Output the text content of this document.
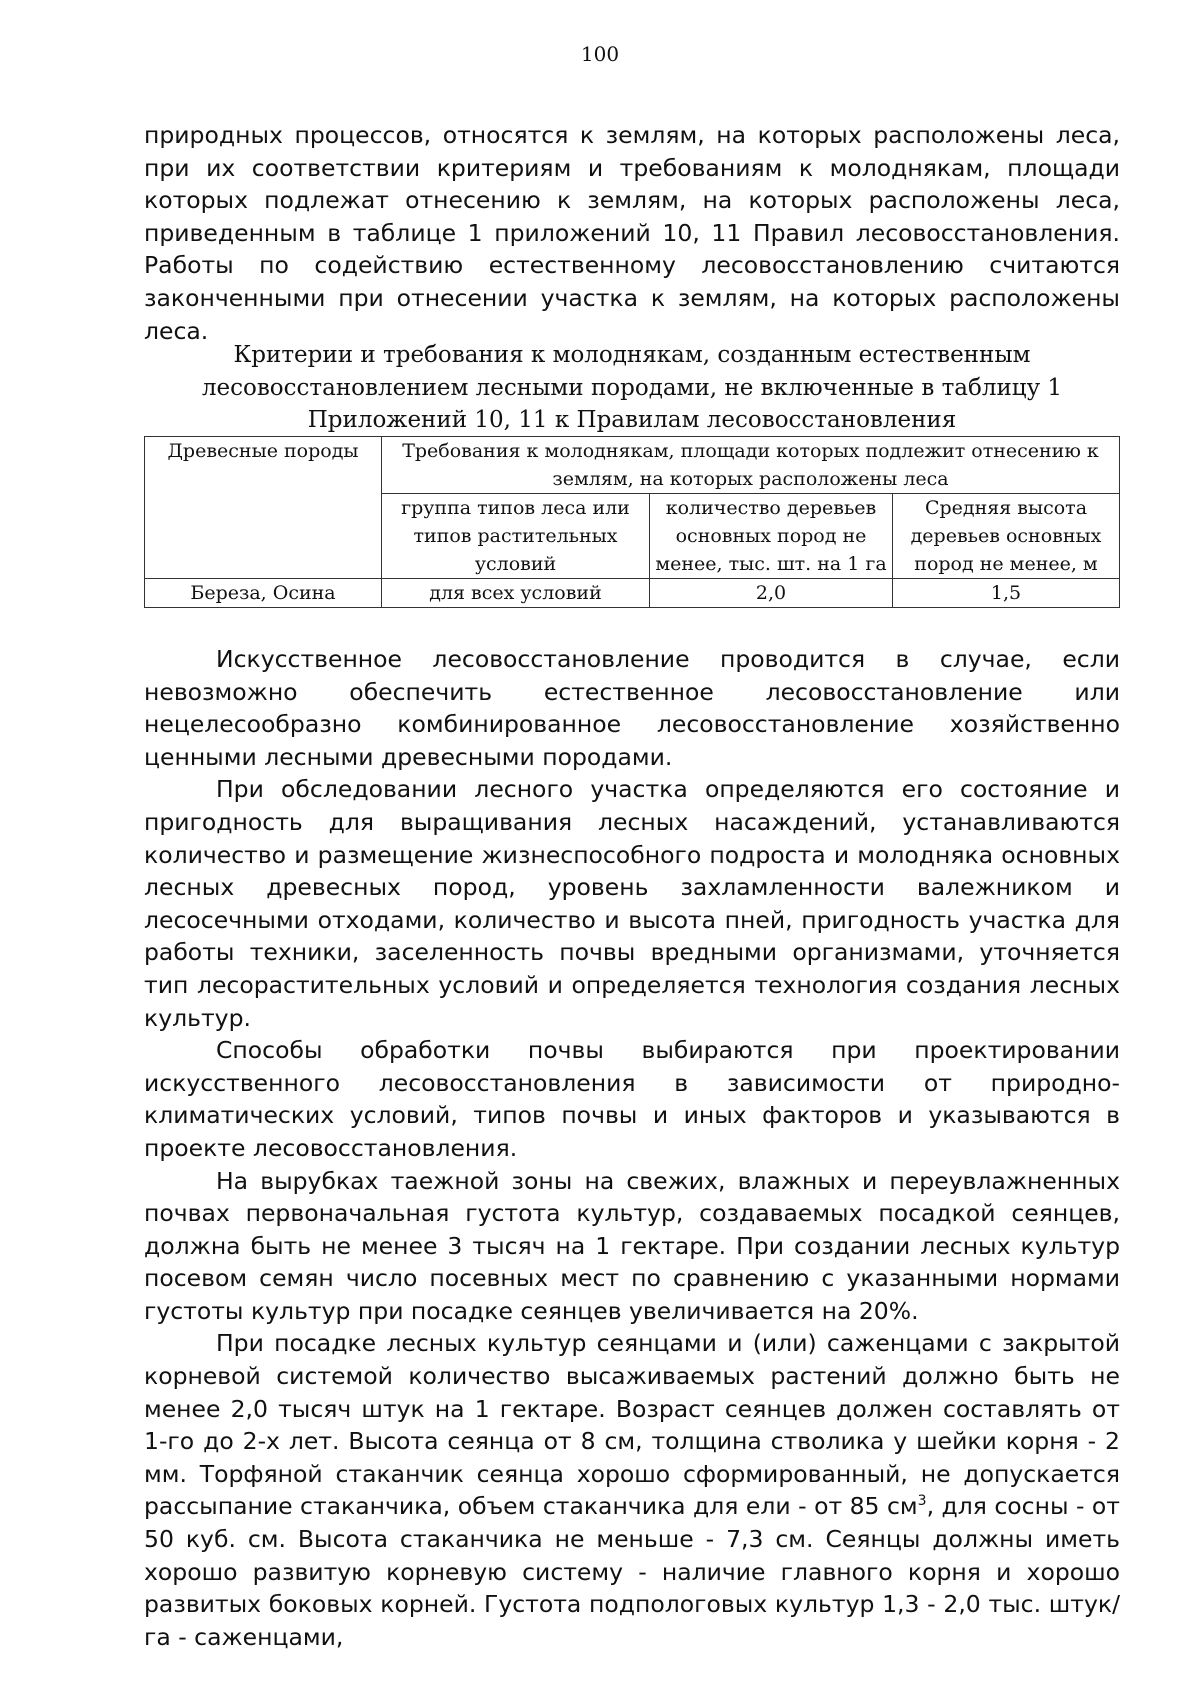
100

природных процессов, относятся к землям, на которых расположены леса, при их соответствии критериям и требованиям к молоднякам, площади которых подлежат отнесению к землям, на которых расположены леса, приведенным в таблице 1 приложений 10, 11 Правил лесовосстановления. Работы по содействию естественному лесовосстановлению считаются законченными при отнесении участка к землям, на которых расположены леса.

Критерии и требования к молоднякам, созданным естественным
лесовосстановлением лесными породами, не включенные в таблицу 1
Приложений 10, 11 к Правилам лесовосстановления
Древесные породы	Требования к молоднякам, площади которых подлежит отнесению к землям, на которых расположены леса		
	группа типов леса или типов растительных условий	количество деревьев основных пород не менее, тыс. шт. на 1 га	Средняя высота деревьев основных пород не менее, м
Береза, Осина	для всех условий	2,0	1,5

Искусственное лесовосстановление проводится в случае, если невозможно обеспечить естественное лесовосстановление или нецелесообразно комбинированное лесовосстановление хозяйственно ценными лесными древесными породами.

При обследовании лесного участка определяются его состояние и пригодность для выращивания лесных насаждений, устанавливаются количество и размещение жизнеспособного подроста и молодняка основных лесных древесных пород, уровень захламленности валежником и лесосечными отходами, количество и высота пней, пригодность участка для работы техники, заселенность почвы вредными организмами, уточняется тип лесорастительных условий и определяется технология создания лесных культур.

Способы обработки почвы выбираются при проектировании искусственного лесовосстановления в зависимости от природно-климатических условий, типов почвы и иных факторов и указываются в проекте лесовосстановления.

На вырубках таежной зоны на свежих, влажных и переувлажненных почвах первоначальная густота культур, создаваемых посадкой сеянцев, должна быть не менее 3 тысяч на 1 гектаре. При создании лесных культур посевом семян число посевных мест по сравнению с указанными нормами густоты культур при посадке сеянцев увеличивается на 20%.

При посадке лесных культур сеянцами и (или) саженцами с закрытой корневой системой количество высаживаемых растений должно быть не менее 2,0 тысяч штук на 1 гектаре. Возраст сеянцев должен составлять от 1-го до 2-х лет. Высота сеянца от 8 см, толщина стволика у шейки корня - 2 мм. Торфяной стаканчик сеянца хорошо сформированный, не допускается рассыпание стаканчика, объем стаканчика для ели - от 85 $см^3$, для сосны - от 50 куб. см. Высота стаканчика не меньше - 7,3 см. Сеянцы должны иметь хорошо развитую корневую систему - наличие главного корня и хорошо развитых боковых корней. Густота подпологовых культур 1,3 - 2,0 тыс. штук/га - саженцами,
